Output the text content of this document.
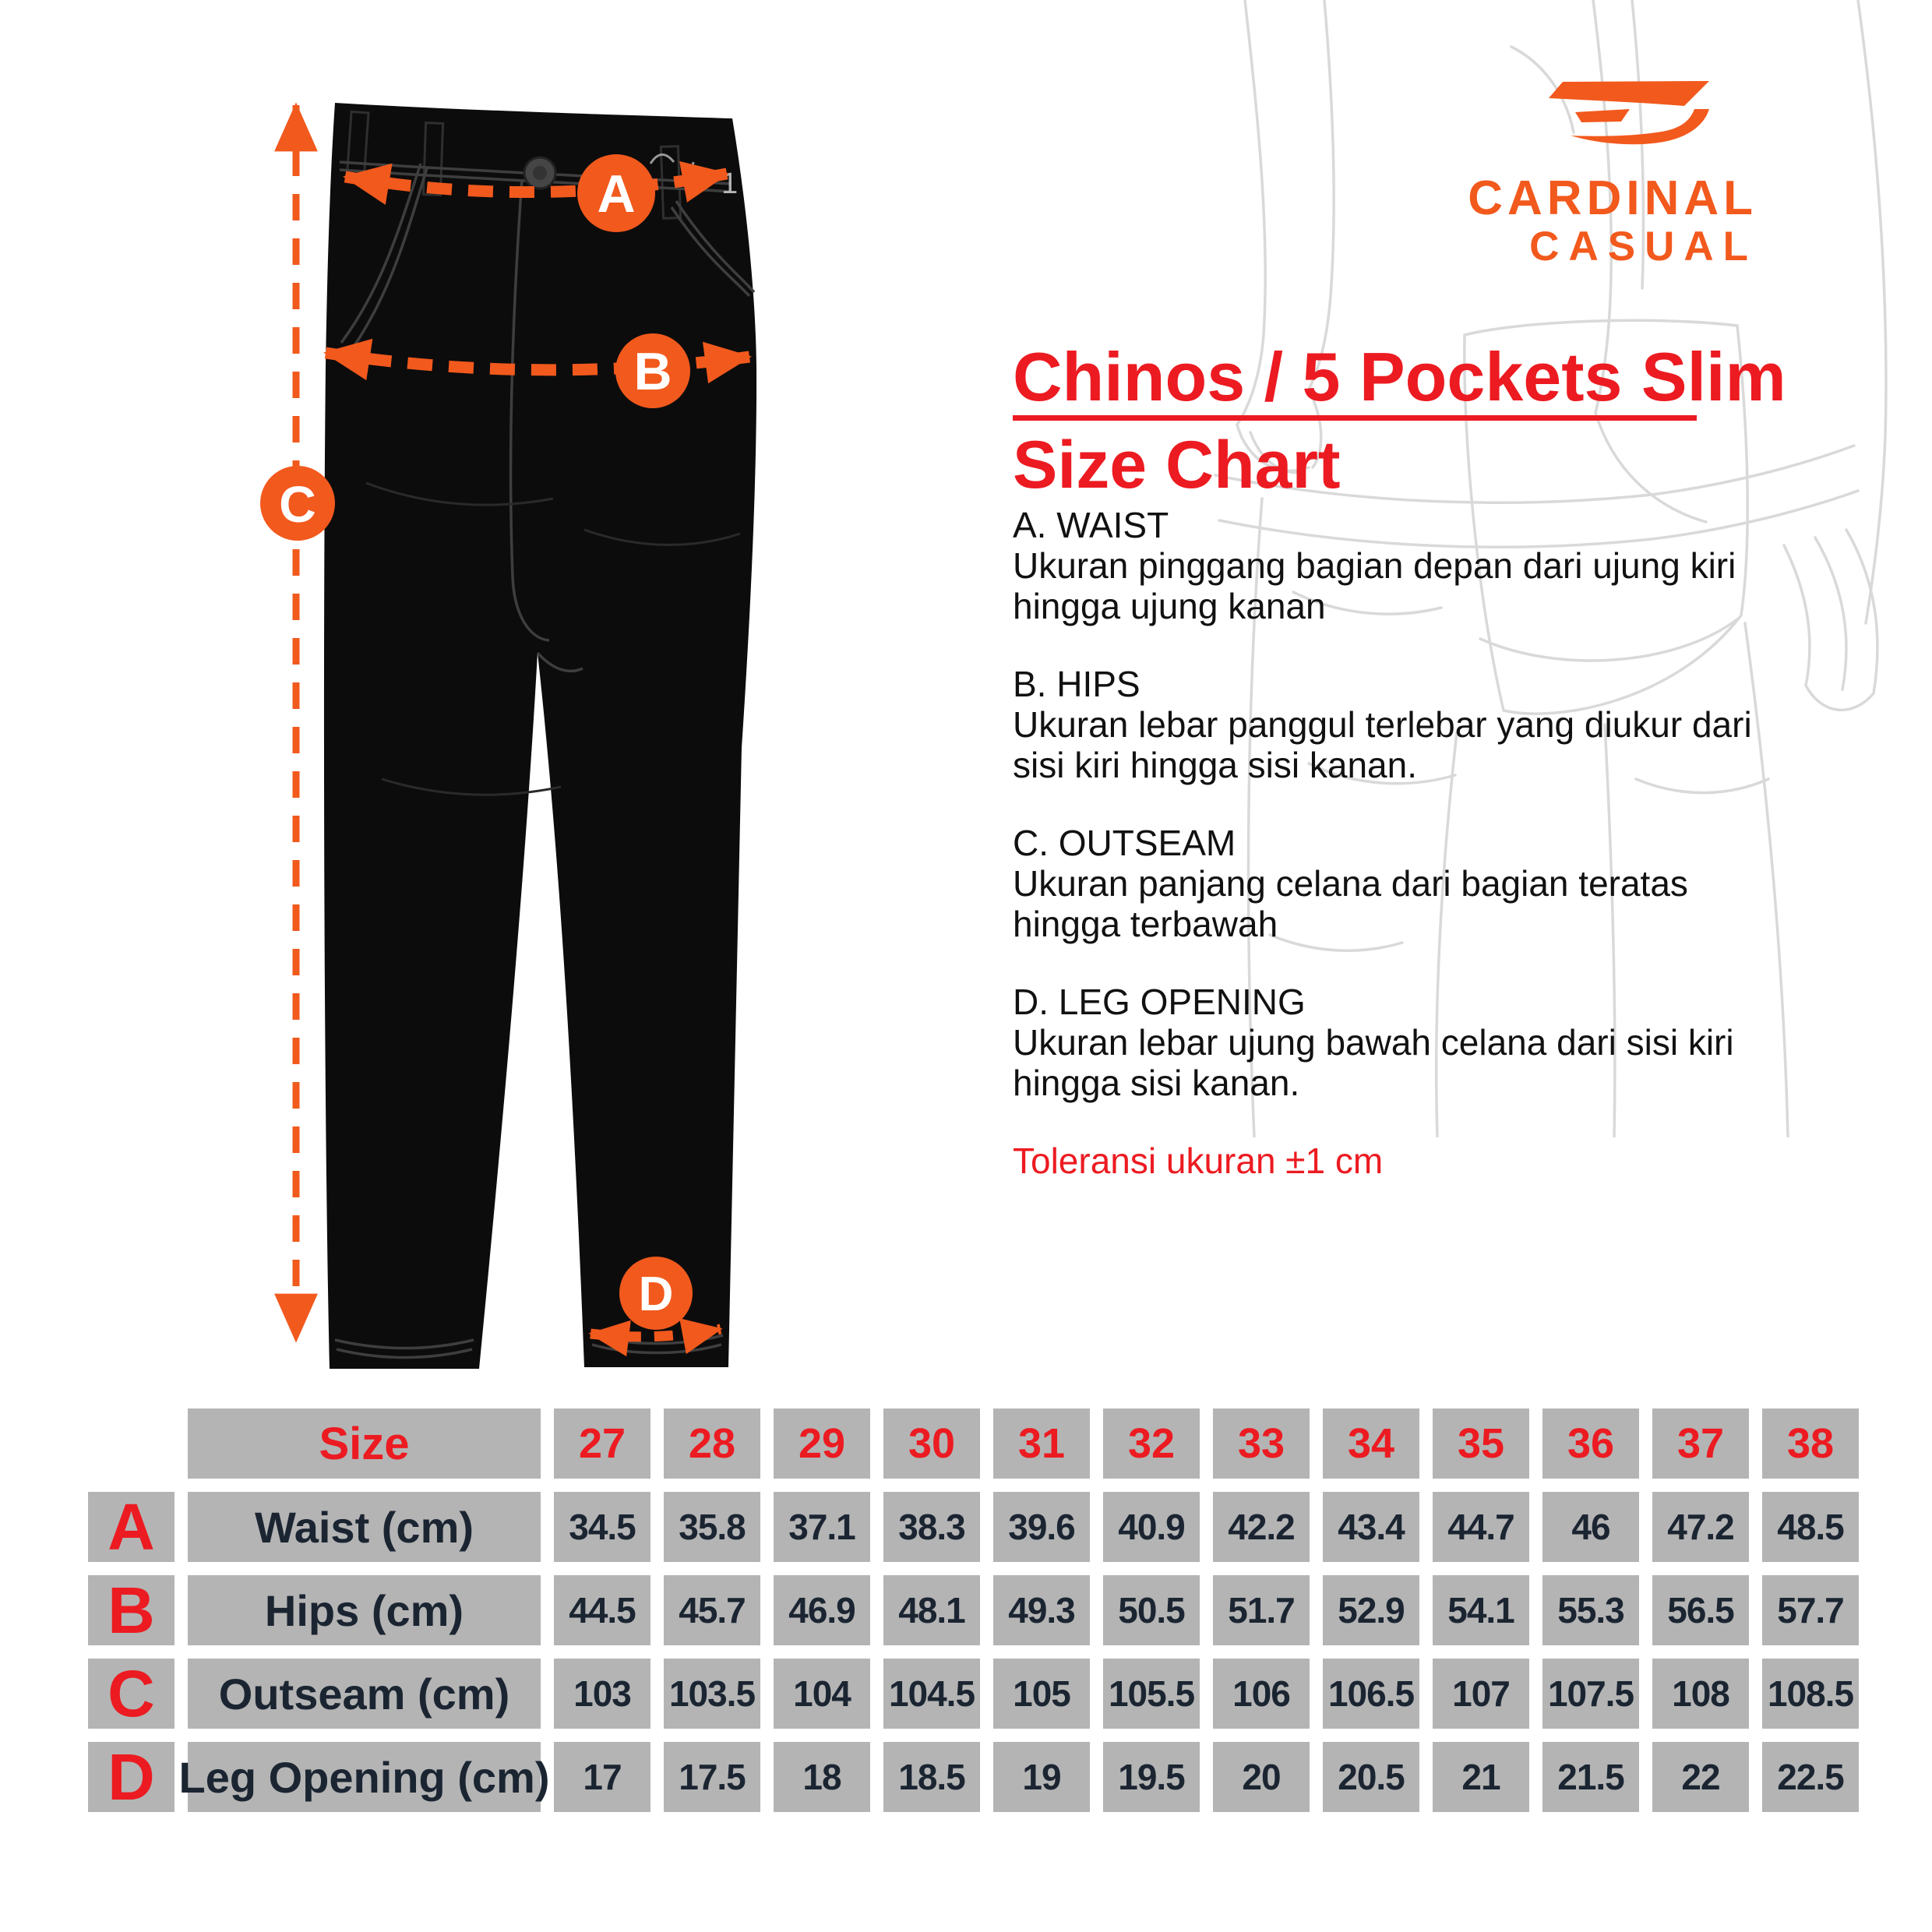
1
A
B
C
D
CARDINAL
CASUAL
Chinos / 5 Pockets Slim
Size Chart
A. WAIST
Ukuran pinggang bagian depan dari ujung kiri
hingga ujung kanan
B. HIPS
Ukuran lebar panggul terlebar yang diukur dari
sisi kiri hingga sisi kanan.
C. OUTSEAM
Ukuran panjang celana dari bagian teratas
hingga terbawah
D. LEG OPENING
Ukuran lebar ujung bawah celana dari sisi kiri
hingga sisi kanan.
Toleransi ukuran ±1 cm
Size	27	28	29	30	31	32	33	34	35	36	37	38
A	Waist (cm)	34.5	35.8	37.1	38.3	39.6	40.9	42.2	43.4	44.7	46	47.2	48.5
B	Hips (cm)	44.5	45.7	46.9	48.1	49.3	50.5	51.7	52.9	54.1	55.3	56.5	57.7
C	Outseam (cm)	103	103.5	104	104.5	105	105.5	106	106.5	107	107.5	108	108.5
D Leg Opening (cm) 17	17.5	18	18.5	19	19.5	20	20.5	21	21.5	22	22.5
